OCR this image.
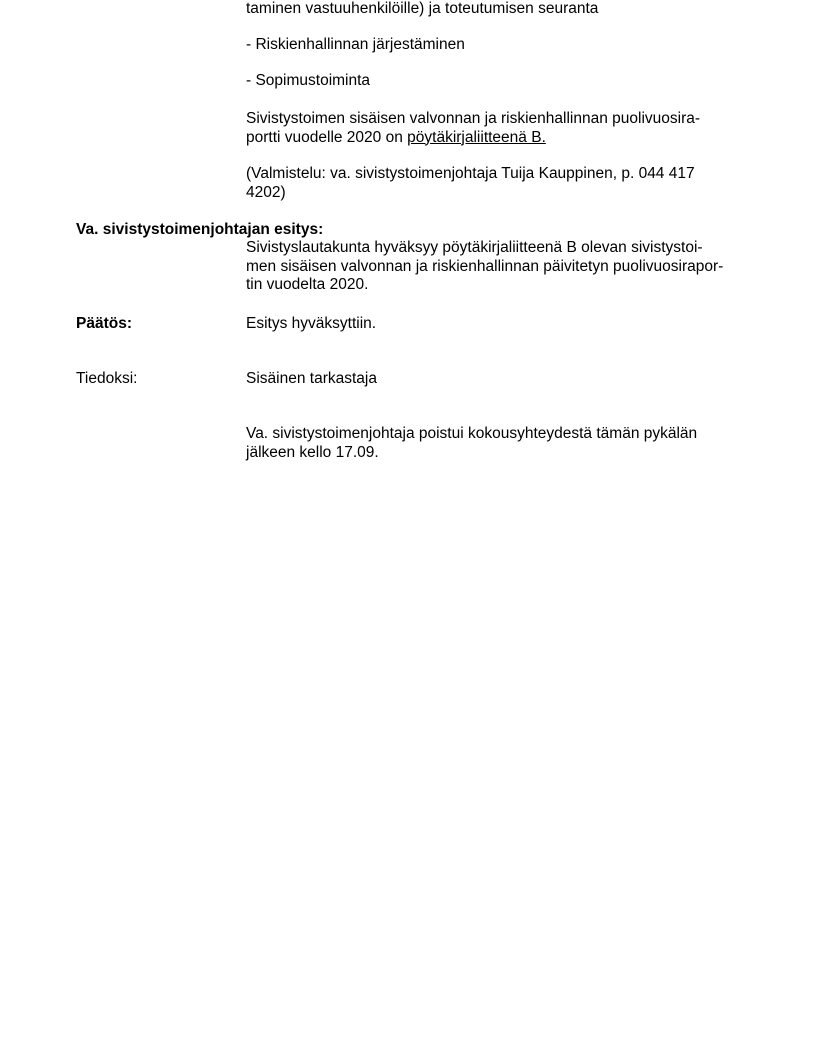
taminen vastuuhenkilöille) ja toteutumisen seuranta
- Riskienhallinnan järjestäminen
- Sopimustoiminta
Sivistystoimen sisäisen valvonnan ja riskienhallinnan puolivuosira-
portti vuodelle 2020 on pöytäkirjaliitteenä B.
(Valmistelu: va. sivistystoimenjohtaja Tuija Kauppinen, p. 044 417
4202)
Va. sivistystoimenjohtajan esitys:
Sivistyslautakunta hyväksyy pöytäkirjaliitteenä B olevan sivistystoi-
men sisäisen valvonnan ja riskienhallinnan päivitetyn puolivuosirapor-
tin vuodelta 2020.
Päätös:	Esitys hyväksyttiin.
Tiedoksi:	Sisäinen tarkastaja
Va. sivistystoimenjohtaja poistui kokousyhteydestä tämän pykälän
jälkeen kello 17.09.
